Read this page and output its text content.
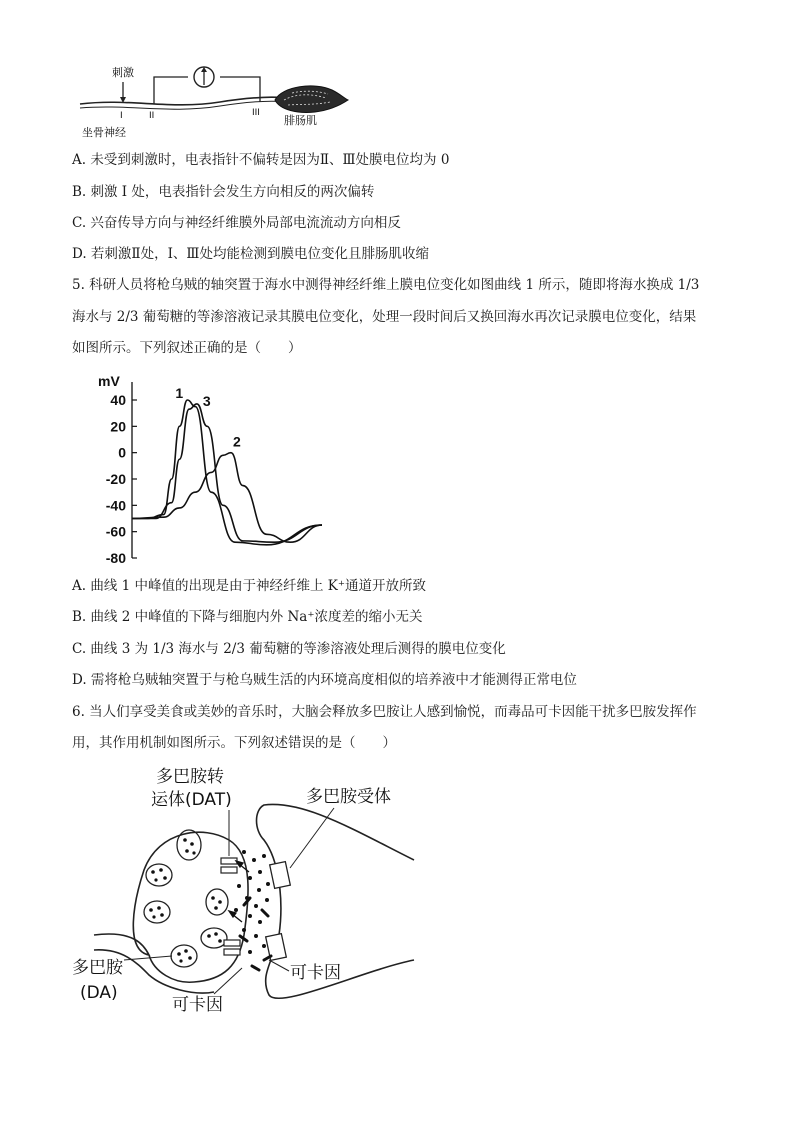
刺激
I	II	III
坐骨神经
腓肠肌
A. 未受到刺激时，电表指针不偏转是因为Ⅱ、Ⅲ处膜电位均为 0
B. 刺激 I 处，电表指针会发生方向相反的两次偏转
C. 兴奋传导方向与神经纤维膜外局部电流流动方向相反
D. 若刺激Ⅱ处，Ⅰ、Ⅲ处均能检测到膜电位变化且腓肠肌收缩
5. 科研人员将枪乌贼的轴突置于海水中测得神经纤维上膜电位变化如图曲线 1 所示，随即将海水换成 1/3
海水与 2/3 葡萄糖的等渗溶液记录其膜电位变化，处理一段时间后又换回海水再次记录膜电位变化，结果
如图所示。下列叙述正确的是（　　）
mV
40
20
0
-20
-40
-60
-80
1
2
3
A. 曲线 1 中峰值的出现是由于神经纤维上 K⁺通道开放所致
B. 曲线 2 中峰值的下降与细胞内外 Na⁺浓度差的缩小无关
C. 曲线 3 为 1/3 海水与 2/3 葡萄糖的等渗溶液处理后测得的膜电位变化
D. 需将枪乌贼轴突置于与枪乌贼生活的内环境高度相似的培养液中才能测得正常电位
6. 当人们享受美食或美妙的音乐时，大脑会释放多巴胺让人感到愉悦，而毒品可卡因能干扰多巴胺发挥作
用，其作用机制如图所示。下列叙述错误的是（　　）
多巴胺转
运体(DAT)	多巴胺受体
多巴胺
(DA)
可卡因
可卡因
